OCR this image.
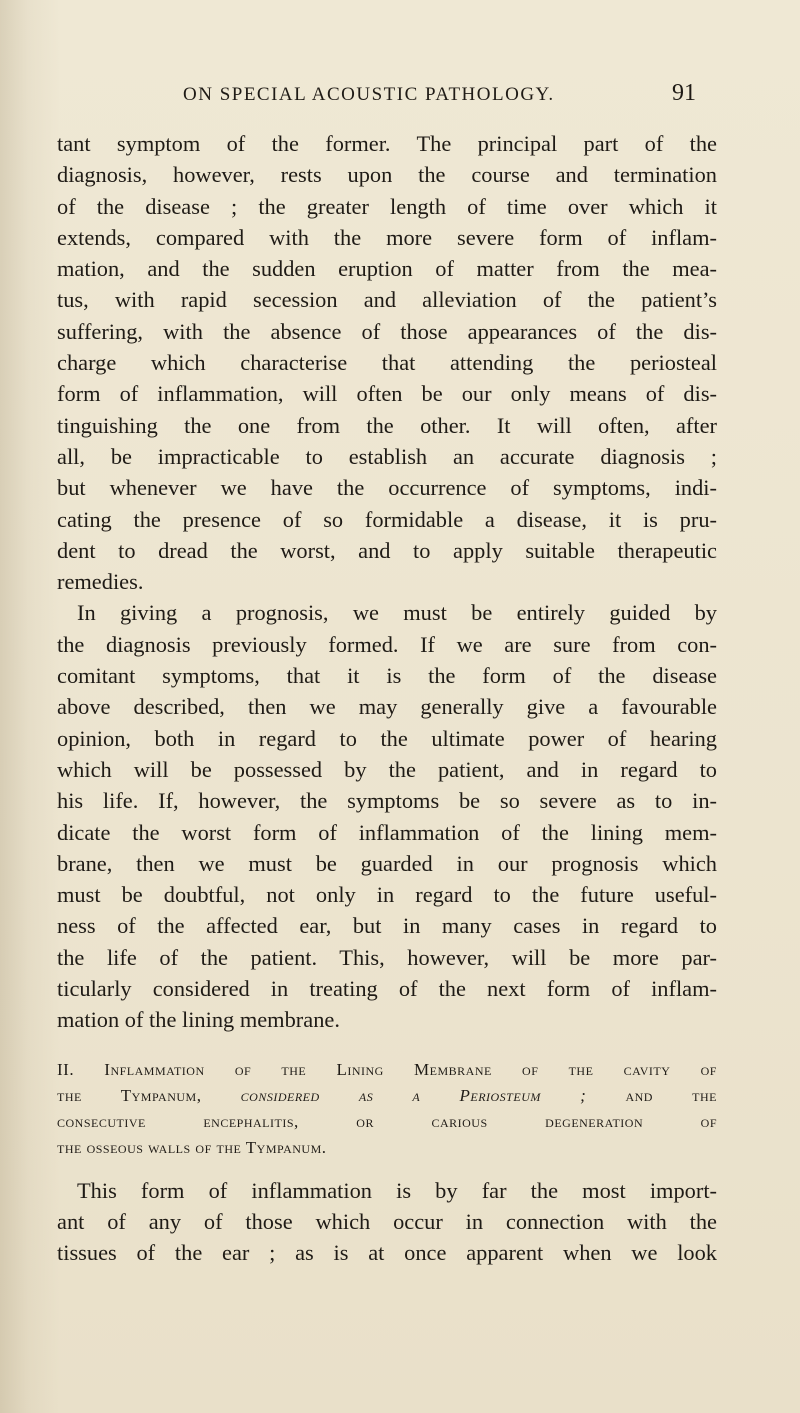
ON SPECIAL ACOUSTIC PATHOLOGY.	91
tant symptom of the former. The principal part of the
diagnosis, however, rests upon the course and termination
of the disease ; the greater length of time over which it
extends, compared with the more severe form of inflam-
mation, and the sudden eruption of matter from the mea-
tus, with rapid secession and alleviation of the patient’s
suffering, with the absence of those appearances of the dis-
charge which characterise that attending the periosteal
form of inflammation, will often be our only means of dis-
tinguishing the one from the other. It will often, after
all, be impracticable to establish an accurate diagnosis ;
but whenever we have the occurrence of symptoms, indi-
cating the presence of so formidable a disease, it is pru-
dent to dread the worst, and to apply suitable therapeutic
remedies.
In giving a prognosis, we must be entirely guided by
the diagnosis previously formed. If we are sure from con-
comitant symptoms, that it is the form of the disease
above described, then we may generally give a favourable
opinion, both in regard to the ultimate power of hearing
which will be possessed by the patient, and in regard to
his life. If, however, the symptoms be so severe as to in-
dicate the worst form of inflammation of the lining mem-
brane, then we must be guarded in our prognosis which
must be doubtful, not only in regard to the future useful-
ness of the affected ear, but in many cases in regard to
the life of the patient. This, however, will be more par-
ticularly considered in treating of the next form of inflam-
mation of the lining membrane.
II. Inflammation of the Lining Membrane of the cavity of
the Tympanum, considered as a Periosteum ; and the
consecutive encephalitis, or carious degeneration of
the osseous walls of the Tympanum.
This form of inflammation is by far the most import-
ant of any of those which occur in connection with the
tissues of the ear ; as is at once apparent when we look
